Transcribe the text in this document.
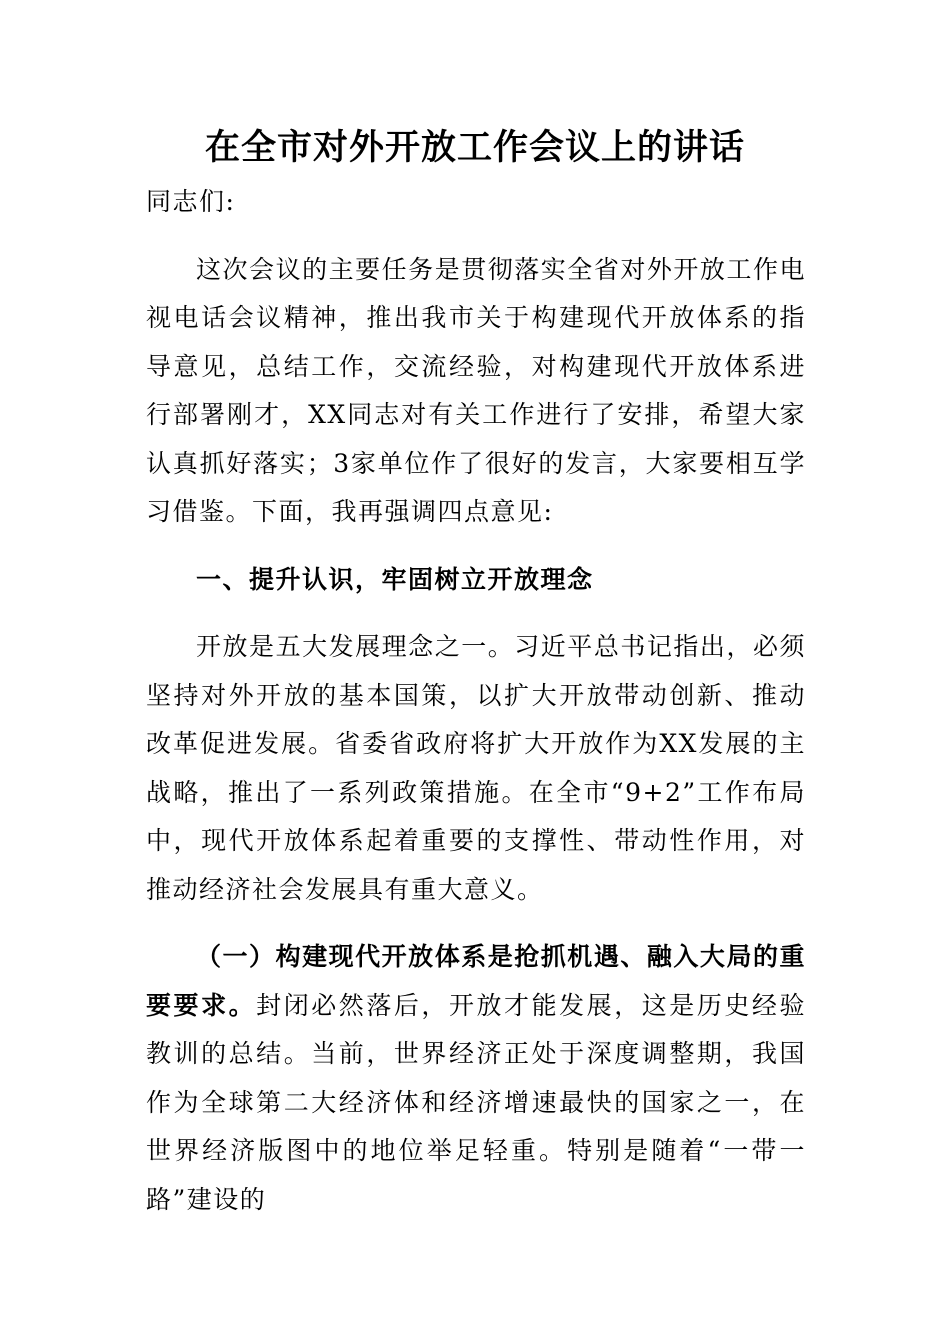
在全市对外开放工作会议上的讲话

同志们:

这次会议的主要任务是贯彻落实全省对外开放工作电视电话会议精神，推出我市关于构建现代开放体系的指导意见，总结工作，交流经验，对构建现代开放体系进行部署刚才，XX同志对有关工作进行了安排，希望大家认真抓好落实；3家单位作了很好的发言，大家要相互学习借鉴。下面，我再强调四点意见:

一、提升认识，牢固树立开放理念

开放是五大发展理念之一。习近平总书记指出，必须坚持对外开放的基本国策，以扩大开放带动创新、推动改革促进发展。省委省政府将扩大开放作为XX发展的主战略，推出了一系列政策措施。在全市“9+2”工作布局中，现代开放体系起着重要的支撑性、带动性作用，对推动经济社会发展具有重大意义。

（一）构建现代开放体系是抢抓机遇、融入大局的重要要求。封闭必然落后，开放才能发展，这是历史经验教训的总结。当前，世界经济正处于深度调整期，我国作为全球第二大经济体和经济增速最快的国家之一，在世界经济版图中的地位举足轻重。特别是随着“一带一路”建设的
